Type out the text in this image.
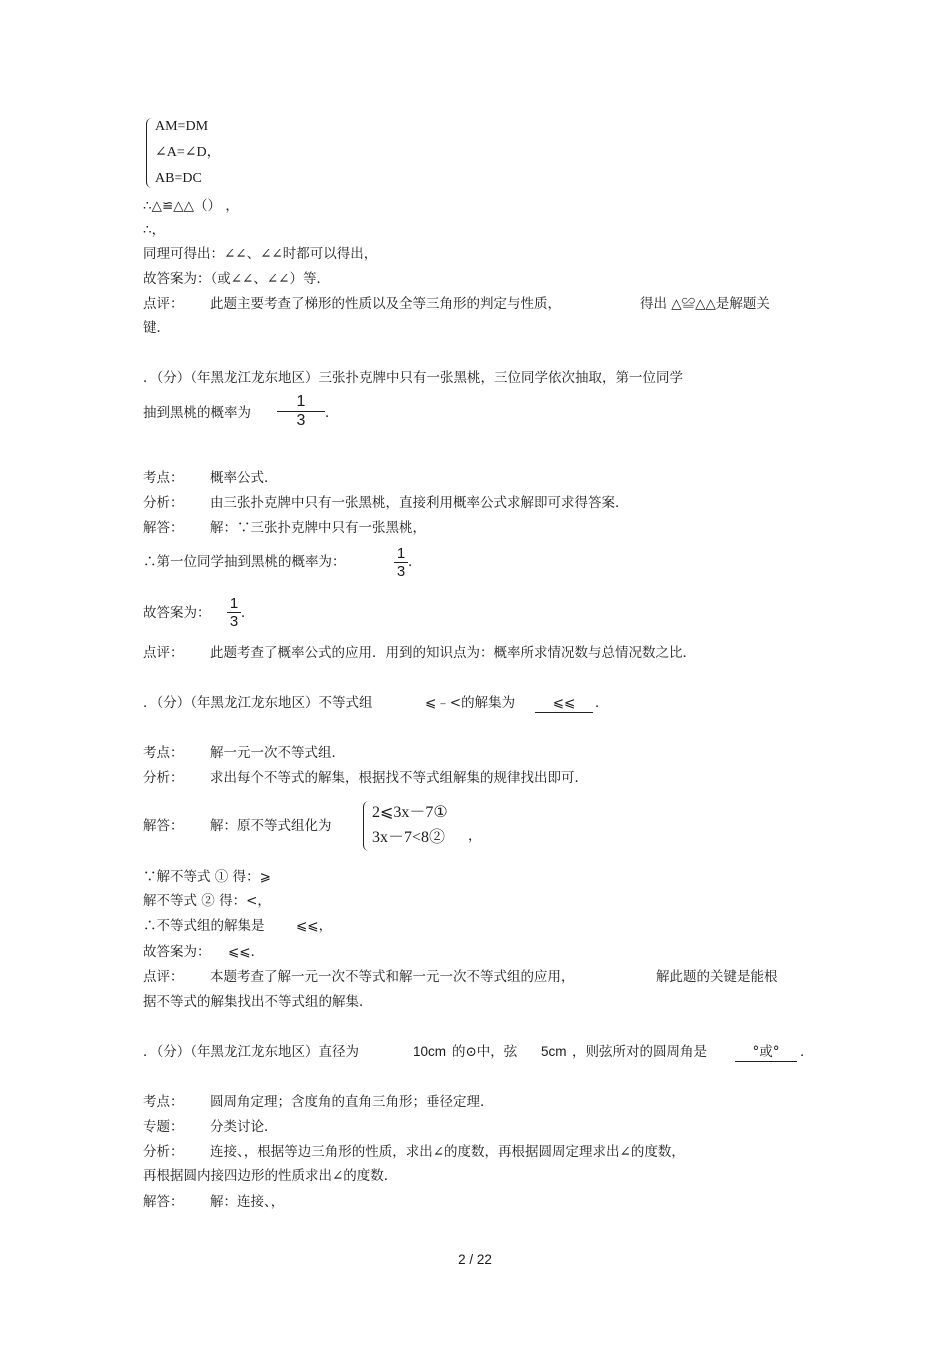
AM=DM
∠A=∠D，
AB=DC
∴△≌△△（） ，
∴，
同理可得出：∠∠、∠∠时都可以得出，
故答案为：（或∠∠、∠∠）等．
点评： 此题主要考查了梯形的性质以及全等三角形的判定与性质，	得出 △≌△△是解题关
键．
．（分）（年黑龙江龙东地区）三张扑克牌中只有一张黑桃，三位同学依次抽取，第一位同学
抽到黑桃的概率为
1
3 ．
考点： 概率公式．
分析： 由三张扑克牌中只有一张黑桃，直接利用概率公式求解即可求得答案．
解答： 解：∵三张扑克牌中只有一张黑桃，
∴第一位同学抽到黑桃的概率为：	1
3
．
故答案为：
1
3
．
点评： 此题考查了概率公式的应用．用到的知识点为：概率所求情况数与总情况数之比．
．（分）（年黑龙江龙东地区）不等式组	⩽﹣<的解集为	⩽⩽	．
考点： 解一元一次不等式组．
分析： 求出每个不等式的解集，根据找不等式组解集的规律找出即可．
解答： 解：原不等式组化为
2⩽3x－7①
3x－7<8② ，
∵解不等式 ① 得：⩾
解不等式 ② 得：<，
∴不等式组的解集是 ⩽⩽，
故答案为： ⩽⩽．
点评： 本题考查了解一元一次不等式和解一元一次不等式组的应用，	解此题的关键是能根
据不等式的解集找出不等式组的解集．
．（分）（年黑龙江龙东地区）直径为	10cm 的⊙中，弦 5cm ，则弦所对的圆周角是	°或°	．
考点： 圆周角定理；含度角的直角三角形；垂径定理．
专题： 分类讨论．
分析： 连接、，根据等边三角形的性质，求出∠的度数，再根据圆周定理求出∠的度数，
再根据圆内接四边形的性质求出∠的度数．
解答： 解：连接、，
2 / 22
